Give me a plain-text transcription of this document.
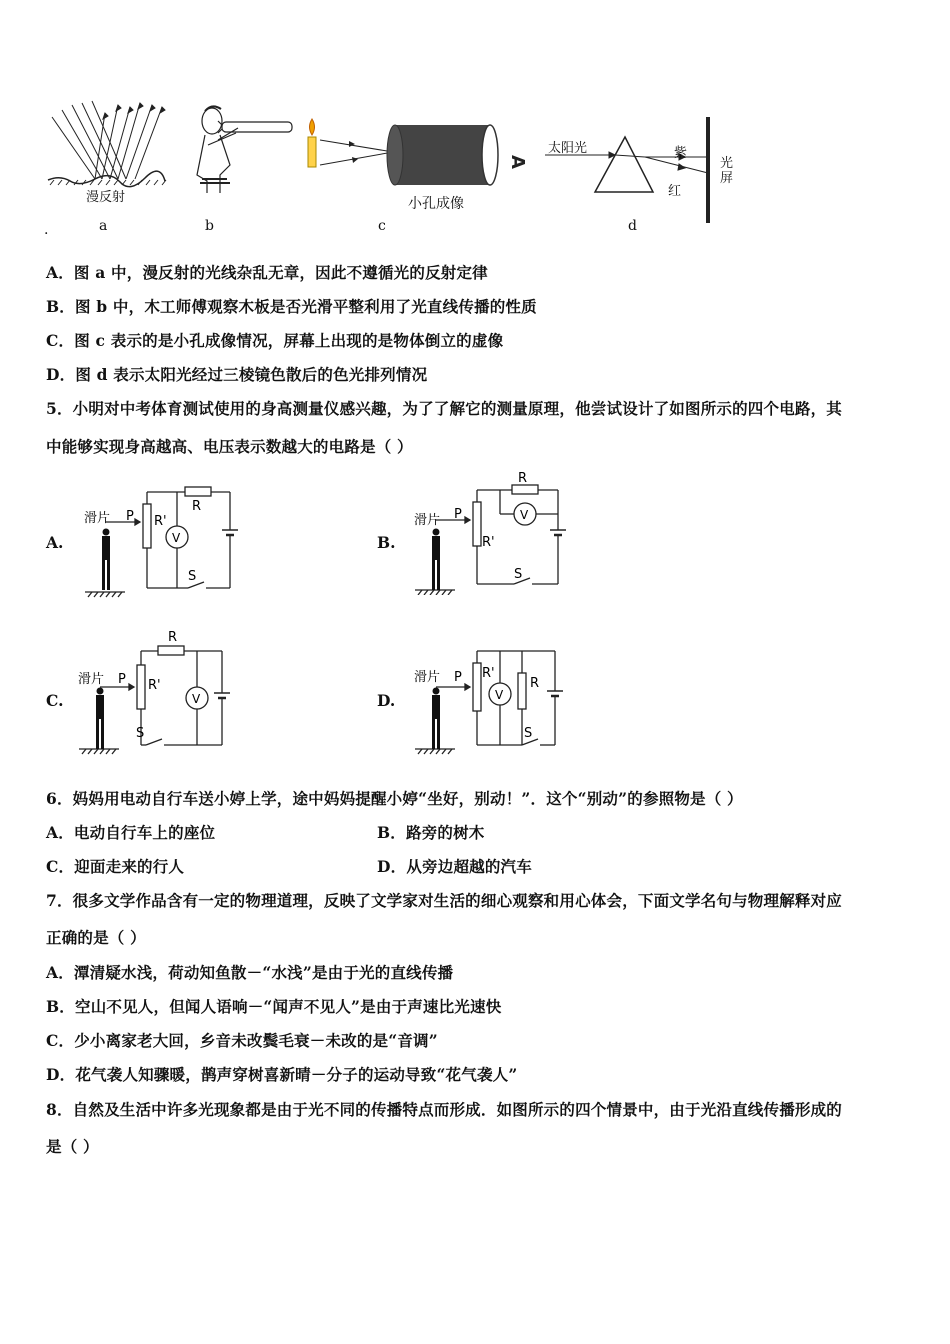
A
漫反射	小孔成像
太阳光	紫
红
光屏
.	a	b	c	d
A．图 a 中，漫反射的光线杂乱无章，因此不遵循光的反射定律
B．图 b 中，木工师傅观察木板是否光滑平整利用了光直线传播的性质
C．图 c 表示的是小孔成像情况，屏幕上出现的是物体倒立的虚像
D．图 d 表示太阳光经过三棱镜色散后的色光排列情况
5．小明对中考体育测试使用的身高测量仪感兴趣，为了了解它的测量原理，他尝试设计了如图所示的四个电路，其
中能够实现身高越高、电压表示数越大的电路是（ ）
A.	B.
C.	D.
滑片 P R'
R
V
S
滑片 P
R'
R
V
S
滑片 P R'
R
V
S
滑片 P R'
R
V
S
6．妈妈用电动自行车送小婷上学，途中妈妈提醒小婷“坐好，别动！”．这个“别动”的参照物是（ ）
A．电动自行车上的座位	B．路旁的树木
C．迎面走来的行人	D．从旁边超越的汽车
7．很多文学作品含有一定的物理道理，反映了文学家对生活的细心观察和用心体会，下面文学名句与物理解释对应
正确的是（ ）
A．潭清疑水浅，荷动知鱼散－“水浅”是由于光的直线传播
B．空山不见人，但闻人语响－“闻声不见人”是由于声速比光速快
C．少小离家老大回，乡音未改鬓毛衰－未改的是“音调”
D．花气袭人知骤暖，鹊声穿树喜新晴－分子的运动导致“花气袭人”
8．自然及生活中许多光现象都是由于光不同的传播特点而形成．如图所示的四个情景中，由于光沿直线传播形成的
是（ ）
